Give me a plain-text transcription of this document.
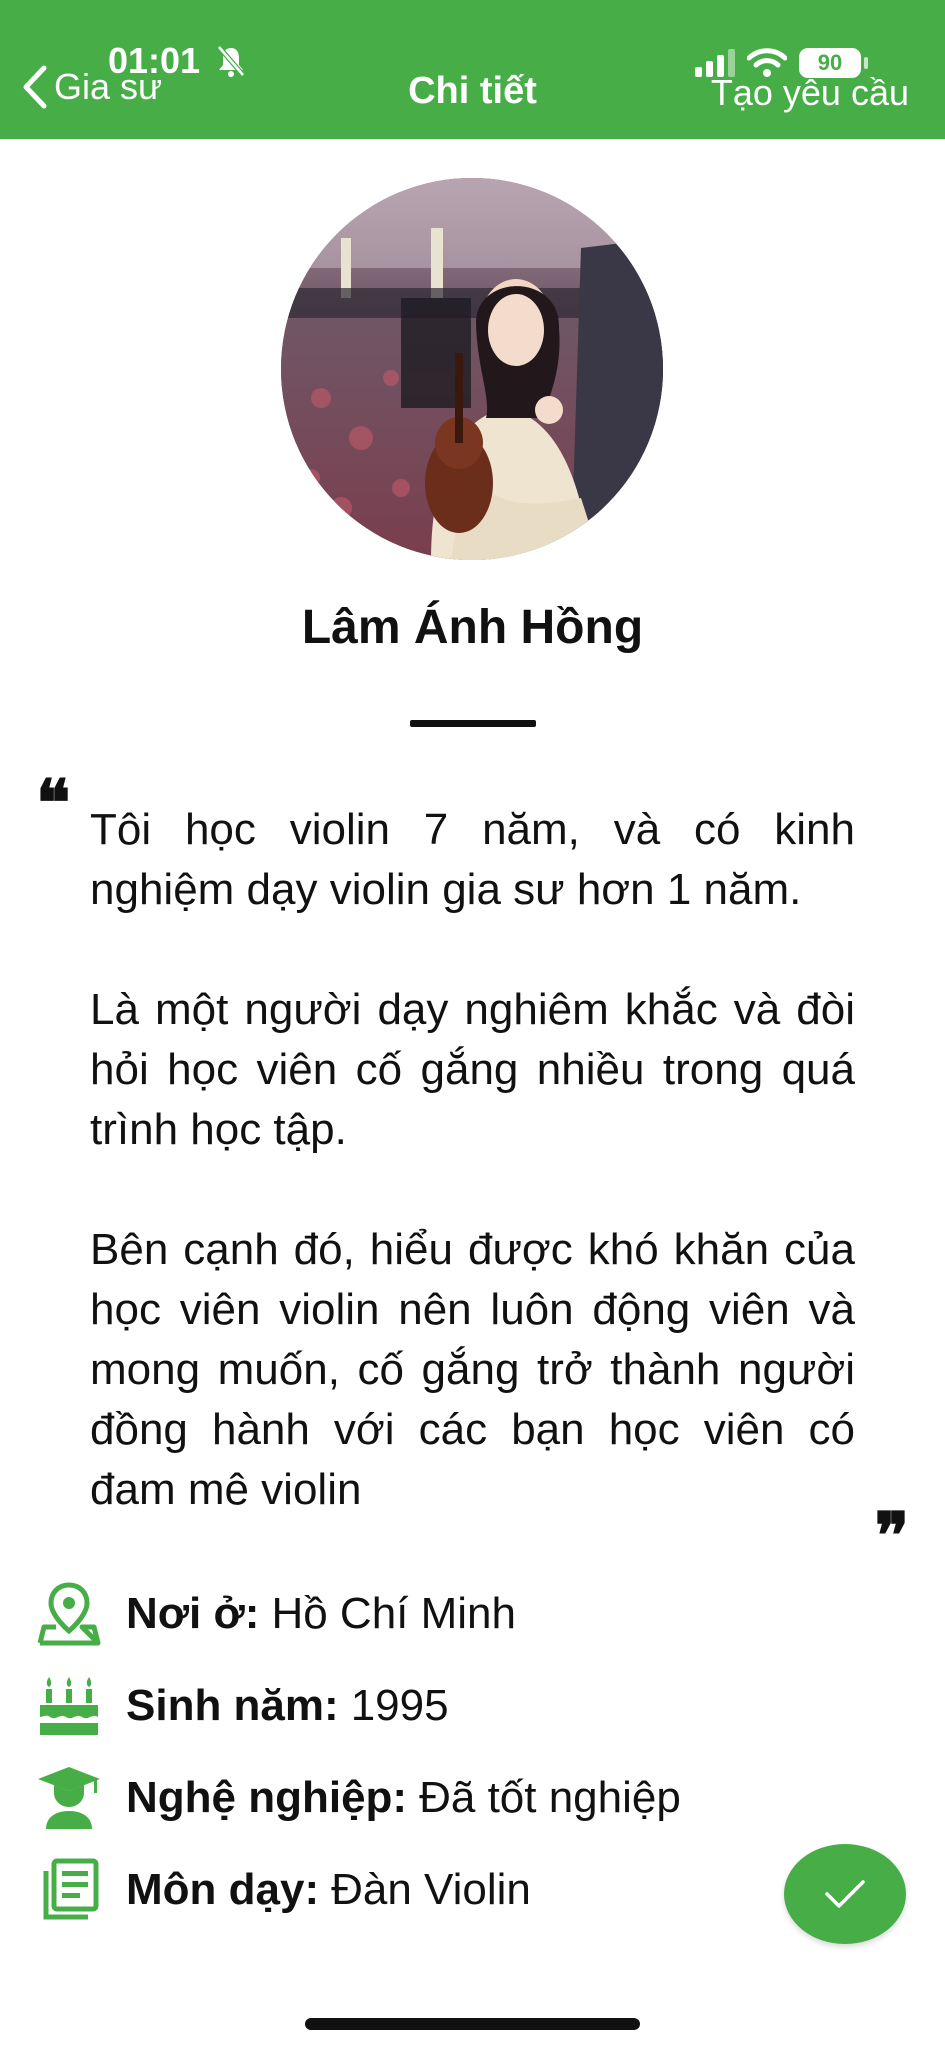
01:01	90
Gia sư	Chi tiết	Tạo yêu cầu
Lâm Ánh Hồng
❝ Tôi học violin 7 năm, và có kinh nghiệm dạy violin gia sư hơn 1 năm.

Là một người dạy nghiêm khắc và đòi hỏi học viên cố gắng nhiều trong quá trình học tập.

Bên cạnh đó, hiểu được khó khăn của học viên violin nên luôn động viên và mong muốn, cố gắng trở thành người đồng hành với các bạn học viên có đam mê violin

❞
Nơi ở: Hồ Chí Minh
Sinh năm: 1995
Nghệ nghiệp: Đã tốt nghiệp
Môn dạy: Đàn Violin
